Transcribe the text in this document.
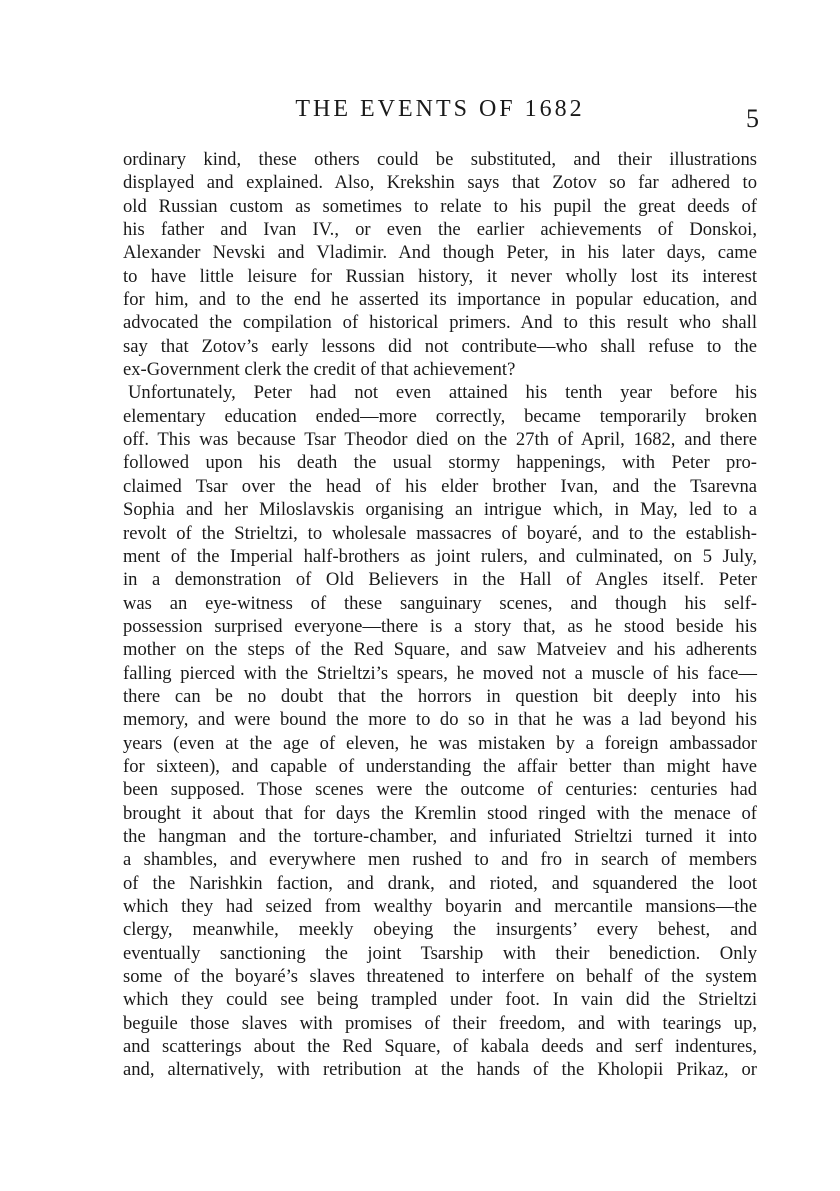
THE EVENTS OF 1682	5
ordinary kind, these others could be substituted, and their illustrations
displayed and explained. Also, Krekshin says that Zotov so far adhered to
old Russian custom as sometimes to relate to his pupil the great deeds of
his father and Ivan IV., or even the earlier achievements of Donskoi,
Alexander Nevski and Vladimir. And though Peter, in his later days, came
to have little leisure for Russian history, it never wholly lost its interest
for him, and to the end he asserted its importance in popular education, and
advocated the compilation of historical primers. And to this result who shall
say that Zotov’s early lessons did not contribute—who shall refuse to the
ex-Government clerk the credit of that achievement?
Unfortunately, Peter had not even attained his tenth year before his
elementary education ended—more correctly, became temporarily broken
off. This was because Tsar Theodor died on the 27th of April, 1682, and there
followed upon his death the usual stormy happenings, with Peter pro-
claimed Tsar over the head of his elder brother Ivan, and the Tsarevna
Sophia and her Miloslavskis organising an intrigue which, in May, led to a
revolt of the Strieltzi, to wholesale massacres of boyaré, and to the establish-
ment of the Imperial half-brothers as joint rulers, and culminated, on 5 July,
in a demonstration of Old Believers in the Hall of Angles itself. Peter
was an eye-witness of these sanguinary scenes, and though his self-
possession surprised everyone—there is a story that, as he stood beside his
mother on the steps of the Red Square, and saw Matveiev and his adherents
falling pierced with the Strieltzi’s spears, he moved not a muscle of his face—
there can be no doubt that the horrors in question bit deeply into his
memory, and were bound the more to do so in that he was a lad beyond his
years (even at the age of eleven, he was mistaken by a foreign ambassador
for sixteen), and capable of understanding the affair better than might have
been supposed. Those scenes were the outcome of centuries: centuries had
brought it about that for days the Kremlin stood ringed with the menace of
the hangman and the torture-chamber, and infuriated Strieltzi turned it into
a shambles, and everywhere men rushed to and fro in search of members
of the Narishkin faction, and drank, and rioted, and squandered the loot
which they had seized from wealthy boyarin and mercantile mansions—the
clergy, meanwhile, meekly obeying the insurgents’ every behest, and
eventually sanctioning the joint Tsarship with their benediction. Only
some of the boyaré’s slaves threatened to interfere on behalf of the system
which they could see being trampled under foot. In vain did the Strieltzi
beguile those slaves with promises of their freedom, and with tearings up,
and scatterings about the Red Square, of kabala deeds and serf indentures,
and, alternatively, with retribution at the hands of the Kholopii Prikaz, or
